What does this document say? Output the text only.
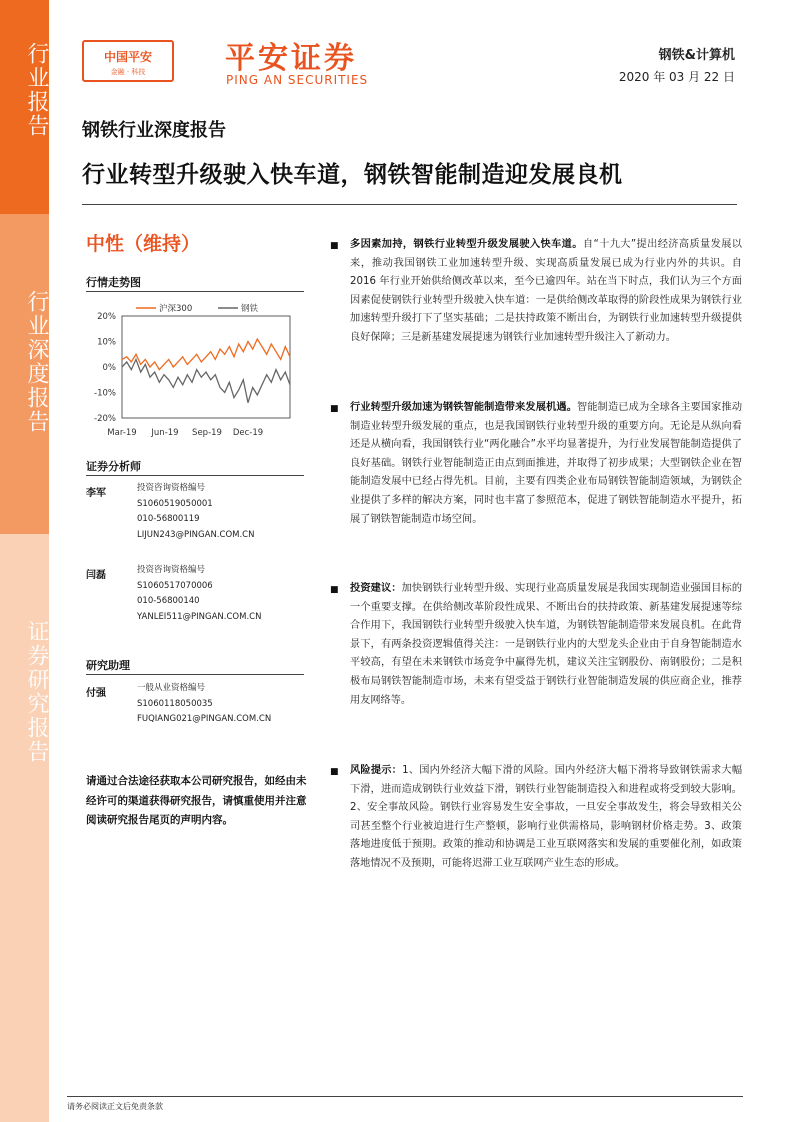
行业报告
行业深度报告
证券研究报告
中国平安
金融 · 科技	平安证券
PING AN SECURITIES
钢铁&计算机
2020 年 03 月 22 日
钢铁行业深度报告
行业转型升级驶入快车道，钢铁智能制造迎发展良机
中性（维持）
行情走势图
沪深300	钢铁
20%
10%
0%
-10%
-20%
Mar-19 Jun-19 Sep-19 Dec-19
证券分析师
李军	投资咨询资格编号
S1060519050001
010-56800119
LIJUN243@PINGAN.COM.CN
闫磊	投资咨询资格编号
S1060517070006
010-56800140
YANLEI511@PINGAN.COM.CN
研究助理
付强	一般从业资格编号
S1060118050035
FUQIANG021@PINGAN.COM.CN
请通过合法途径获取本公司研究报告，如经由未经许可的渠道获得研究报告，请慎重使用并注意阅读研究报告尾页的声明内容。
■ 多因素加持，钢铁行业转型升级发展驶入快车道。自“十九大”提出经济高质量发展以来，推动我国钢铁工业加速转型升级、实现高质量发展已成为行业内外的共识。自 2016 年行业开始供给侧改革以来，至今已逾四年。站在当下时点，我们认为三个方面因素促使钢铁行业转型升级驶入快车道：一是供给侧改革取得的阶段性成果为钢铁行业加速转型升级打下了坚实基础；二是扶持政策不断出台，为钢铁行业加速转型升级提供良好保障；三是新基建发展提速为钢铁行业加速转型升级注入了新动力。
■ 行业转型升级加速为钢铁智能制造带来发展机遇。智能制造已成为全球各主要国家推动制造业转型升级发展的重点，也是我国钢铁行业转型升级的重要方向。无论是从纵向看还是从横向看，我国钢铁行业“两化融合”水平均显著提升，为行业发展智能制造提供了良好基础。钢铁行业智能制造正由点到面推进，并取得了初步成果；大型钢铁企业在智能制造发展中已经占得先机。目前，主要有四类企业布局钢铁智能制造领域，为钢铁企业提供了多样的解决方案，同时也丰富了参照范本，促进了钢铁智能制造水平提升，拓展了钢铁智能制造市场空间。
■ 投资建议：加快钢铁行业转型升级、实现行业高质量发展是我国实现制造业强国目标的一个重要支撑。在供给侧改革阶段性成果、不断出台的扶持政策、新基建发展提速等综合作用下，我国钢铁行业转型升级驶入快车道，为钢铁智能制造带来发展良机。在此背景下，有两条投资逻辑值得关注：一是钢铁行业内的大型龙头企业由于自身智能制造水平较高，有望在未来钢铁市场竞争中赢得先机，建议关注宝钢股份、南钢股份；二是积极布局钢铁智能制造市场，未来有望受益于钢铁行业智能制造发展的供应商企业，推荐用友网络等。
■ 风险提示：1、国内外经济大幅下滑的风险。国内外经济大幅下滑将导致钢铁需求大幅下滑，进而造成钢铁行业效益下滑，钢铁行业智能制造投入和进程或将受到较大影响。2、安全事故风险。钢铁行业容易发生安全事故，一旦安全事故发生，将会导致相关公司甚至整个行业被迫进行生产整顿，影响行业供需格局，影响钢材价格走势。3、政策落地进度低于预期。政策的推动和协调是工业互联网落实和发展的重要催化剂，如政策落地情况不及预期，可能将迟滞工业互联网产业生态的形成。
请务必阅读正文后免责条款
